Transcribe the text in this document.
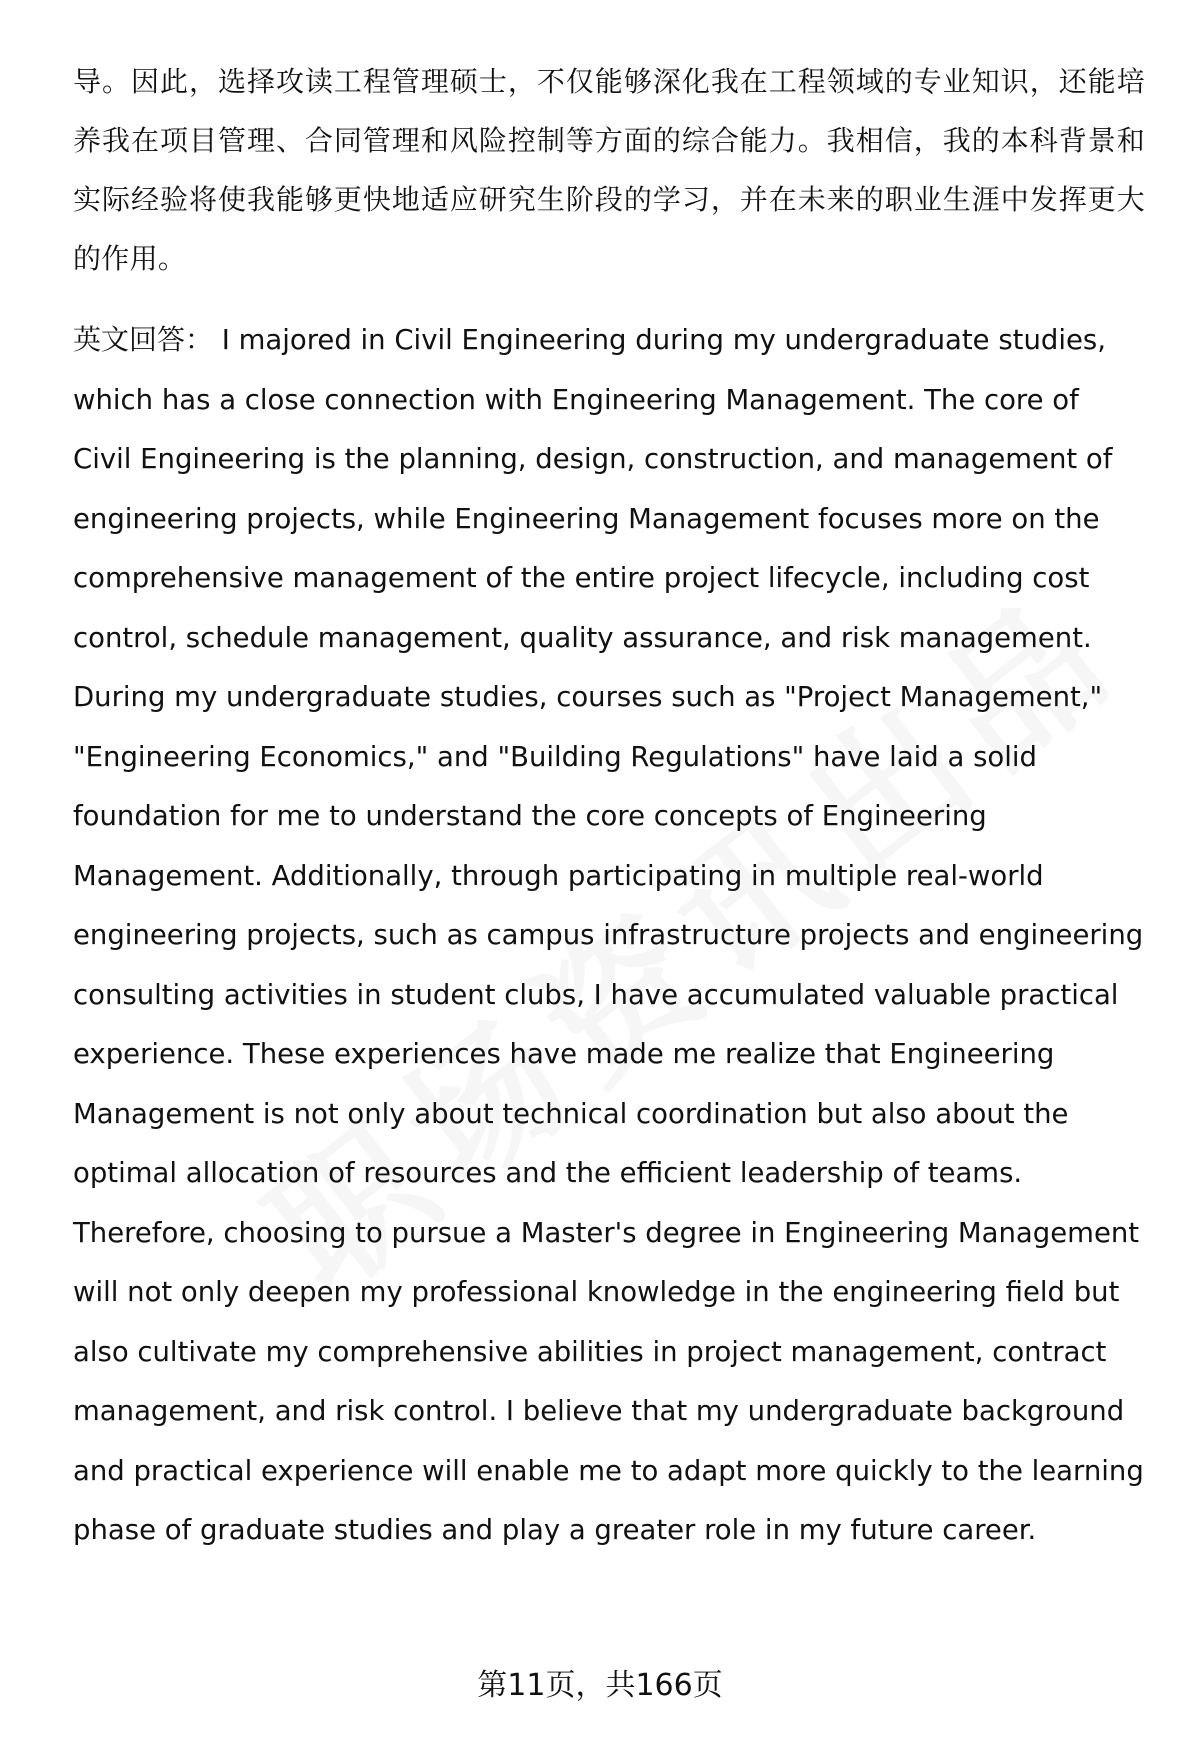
导。因此，选择攻读工程管理硕士，不仅能够深化我在工程领域的专业知识，还能培养我在项目管理、合同管理和风险控制等方面的综合能力。我相信，我的本科背景和实际经验将使我能够更快地适应研究生阶段的学习，并在未来的职业生涯中发挥更大的作用。

英文回答： I majored in Civil Engineering during my undergraduate studies, which has a close connection with Engineering Management. The core of Civil Engineering is the planning, design, construction, and management of engineering projects, while Engineering Management focuses more on the comprehensive management of the entire project lifecycle, including cost control, schedule management, quality assurance, and risk management. During my undergraduate studies, courses such as "Project Management," "Engineering Economics," and "Building Regulations" have laid a solid foundation for me to understand the core concepts of Engineering Management. Additionally, through participating in multiple real-world engineering projects, such as campus infrastructure projects and engineering consulting activities in student clubs, I have accumulated valuable practical experience. These experiences have made me realize that Engineering Management is not only about technical coordination but also about the optimal allocation of resources and the efficient leadership of teams. Therefore, choosing to pursue a Master's degree in Engineering Management will not only deepen my professional knowledge in the engineering field but also cultivate my comprehensive abilities in project management, contract management, and risk control. I believe that my undergraduate background and practical experience will enable me to adapt more quickly to the learning phase of graduate studies and play a greater role in my future career.

第11页，共166页
